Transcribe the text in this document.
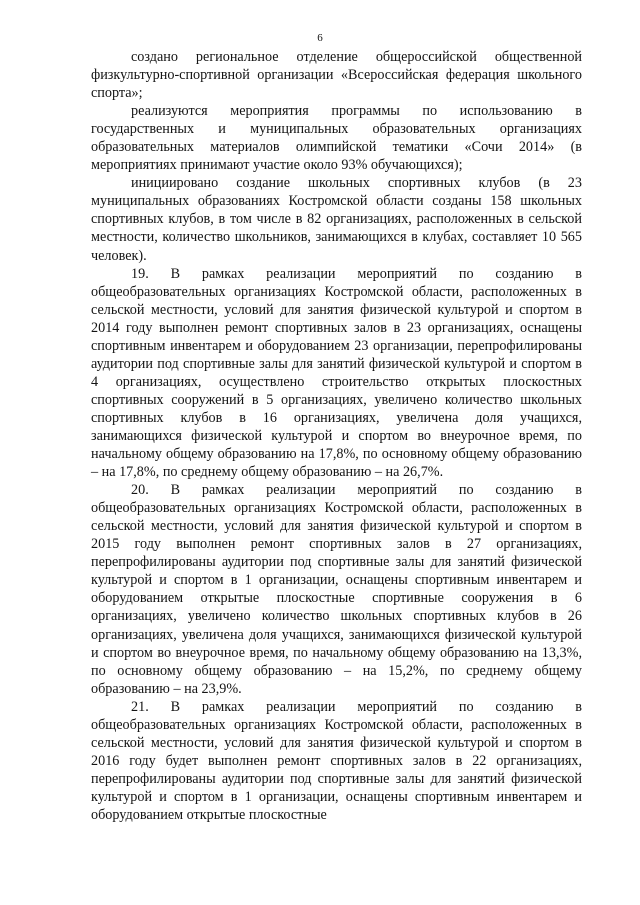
6

создано региональное отделение общероссийской общественной физкультурно-спортивной организации «Всероссийская федерация школьного спорта»;

реализуются мероприятия программы по использованию в государственных и муниципальных образовательных организациях образовательных материалов олимпийской тематики «Сочи 2014» (в мероприятиях принимают участие около 93% обучающихся);

инициировано создание школьных спортивных клубов (в 23 муниципальных образованиях Костромской области созданы 158 школьных спортивных клубов, в том числе в 82 организациях, расположенных в сельской местности, количество школьников, занимающихся в клубах, составляет 10 565 человек).

19. В рамках реализации мероприятий по созданию в общеобразовательных организациях Костромской области, расположенных в сельской местности, условий для занятия физической культурой и спортом в 2014 году выполнен ремонт спортивных залов в 23 организациях, оснащены спортивным инвентарем и оборудованием 23 организации, перепрофилированы аудитории под спортивные залы для занятий физической культурой и спортом в 4 организациях, осуществлено строительство открытых плоскостных спортивных сооружений в 5 организациях, увеличено количество школьных спортивных клубов в 16 организациях, увеличена доля учащихся, занимающихся физической культурой и спортом во внеурочное время, по начальному общему образованию на 17,8%, по основному общему образованию – на 17,8%, по среднему общему образованию – на 26,7%.

20. В рамках реализации мероприятий по созданию в общеобразовательных организациях Костромской области, расположенных в сельской местности, условий для занятия физической культурой и спортом в 2015 году выполнен ремонт спортивных залов в 27 организациях, перепрофилированы аудитории под спортивные залы для занятий физической культурой и спортом в 1 организации, оснащены спортивным инвентарем и оборудованием открытые плоскостные спортивные сооружения в 6 организациях, увеличено количество школьных спортивных клубов в 26 организациях, увеличена доля учащихся, занимающихся физической культурой и спортом во внеурочное время, по начальному общему образованию на 13,3%, по основному общему образованию – на 15,2%, по среднему общему образованию – на 23,9%.

21. В рамках реализации мероприятий по созданию в общеобразовательных организациях Костромской области, расположенных в сельской местности, условий для занятия физической культурой и спортом в 2016 году будет выполнен ремонт спортивных залов в 22 организациях, перепрофилированы аудитории под спортивные залы для занятий физической культурой и спортом в 1 организации, оснащены спортивным инвентарем и оборудованием открытые плоскостные
